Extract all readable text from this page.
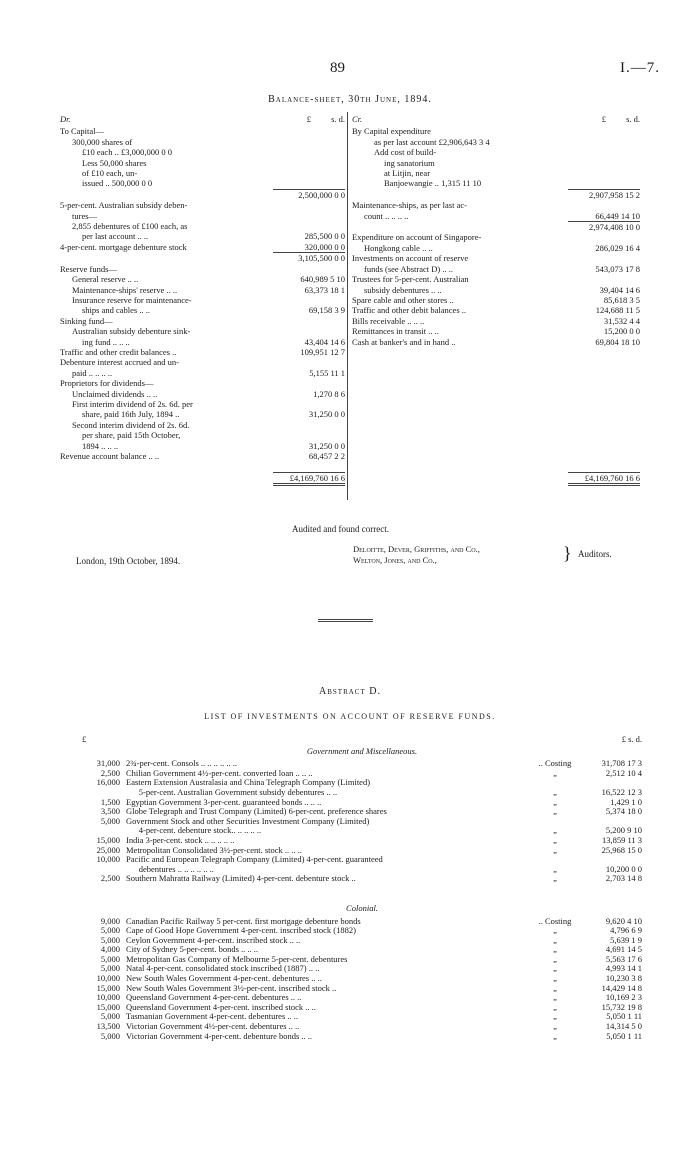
89	I.—7.
Balance-sheet, 30th June, 1894.
Dr.	£	s. d.
To Capital—
300,000 shares of
£10 each .. £3,000,000 0 0
Less 50,000 shares
of £10 each, un-
issued .. 500,000 0 0
2,500,000 0 0
5-per-cent. Australian subsidy deben-
tures—
2,855 debentures of £100 each, as
per last account .. ..	285,500 0 0
4-per-cent. mortgage debenture stock	320,000 0 0
3,105,500 0 0
Reserve funds—
General reserve .. ..	640,989 5 10
Maintenance-ships' reserve .. ..	63,373 18 1
Insurance reserve for maintenance-
ships and cables .. ..	69,158 3 9
Sinking fund—
Australian subsidy debenture sink-
ing fund .. .. ..	43,404 14 6
Traffic and other credit balances ..	109,951 12 7
Debenture interest accrued and un-
paid .. .. .. ..	5,155 11 1
Proprietors for dividends—
Unclaimed dividends .. ..	1,270 8 6
First interim dividend of 2s. 6d. per
share, paid 16th July, 1894 ..	31,250 0 0
Second interim dividend of 2s. 6d.
per share, paid 15th October,
1894 .. .. ..	31,250 0 0
Revenue account balance .. ..	68,457 2 2
£4,169,760 16 6
Cr.	£	s. d.
By Capital expenditure
as per last account £2,906,643 3 4
Add cost of build-
ing sanatorium
at Litjin, near
Banjoewangie .. 1,315 11 10
2,907,958 15 2
Maintenance-ships, as per last ac-
count .. .. .. ..	66,449 14 10
2,974,408 10 0
Expenditure on account of Singapore-
Hongkong cable .. ..	286,029 16 4
Investments on account of reserve
funds (see Abstract D) .. ..	543,073 17 8
Trustees for 5-per-cent. Australian
subsidy debentures .. ..	39,404 14 6
Spare cable and other stores ..	85,618 3 5
Traffic and other debit balances ..	124,688 11 5
Bills receivable .. .. ..	31,532 4 4
Remittances in transit .. ..	15,200 0 0
Cash at banker's and in hand ..	69,804 18 10
£4,169,760 16 6
Audited and found correct.
London, 19th October, 1894.
Deloitte, Dever, Griffiths, and Co.,
Welton, Jones, and Co.,	} Auditors.
Abstract D.
LIST OF INVESTMENTS ON ACCOUNT OF RESERVE FUNDS.
£	£ s. d.
Government and Miscellaneous.
31,000 2¾-per-cent. Consols .. .. .. .. .. ..	.. Costing	31,708 17 3
2,500 Chilian Government 4½-per-cent. converted loan .. .. ..	„	2,512 10 4
16,000 Eastern Extension Australasia and China Telegraph Company (Limited)
5-per-cent. Australian Government subsidy debentures .. ..	„	16,522 12 3
1,500 Egyptian Government 3-per-cent. guaranteed bonds .. .. ..	„	1,429 1 0
3,500 Globe Telegraph and Trust Company (Limited) 6-per-cent. preference shares	„	5,374 18 0
5,000 Government Stock and other Securities Investment Company (Limited)
4-per-cent. debenture stock.. .. .. .. ..	„	5,200 9 10
15,000 India 3-per-cent. stock .. .. .. .. ..	„	13,859 11 3
25,000 Metropolitan Consolidated 3½-per-cent. stock .. .. ..	„	25,968 15 0
10,000 Pacific and European Telegraph Company (Limited) 4-per-cent. guaranteed
debentures .. .. .. .. .. ..	„	10,200 0 0
2,500 Southern Mahratta Railway (Limited) 4-per-cent. debenture stock ..	„	2,703 14 8
Colonial.
9,000 Canadian Pacific Railway 5 per-cent. first mortgage debenture bonds	.. Costing	9,620 4 10
5,000 Cape of Good Hope Government 4-per-cent. inscribed stock (1882)	„	4,796 6 9
5,000 Ceylon Government 4-per-cent. inscribed stock .. ..	„	5,639 1 9
4,000 City of Sydney 5-per-cent. bonds .. .. ..	„	4,691 14 5
5,000 Metropolitan Gas Company of Melbourne 5-per-cent. debentures	„	5,563 17 6
5,000 Natal 4-per-cent. consolidated stock inscribed (1887) .. ..	„	4,993 14 1
10,000 New South Wales Government 4-per-cent. debentures .. ..	„	10,230 3 8
15,000 New South Wales Government 3½-per-cent. inscribed stock ..	„	14,429 14 8
10,000 Queensland Government 4-per-cent. debentures .. ..	„	10,169 2 3
15,000 Queensland Government 4-per-cent. inscribed stock .. ..	„	15,732 19 8
5,000 Tasmanian Government 4-per-cent. debentures .. ..	„	5,050 1 11
13,500 Victorian Government 4½-per-cent. debentures .. ..	„	14,314 5 0
5,000 Victorian Government 4-per-cent. debenture bonds .. ..	„	5,050 1 11
